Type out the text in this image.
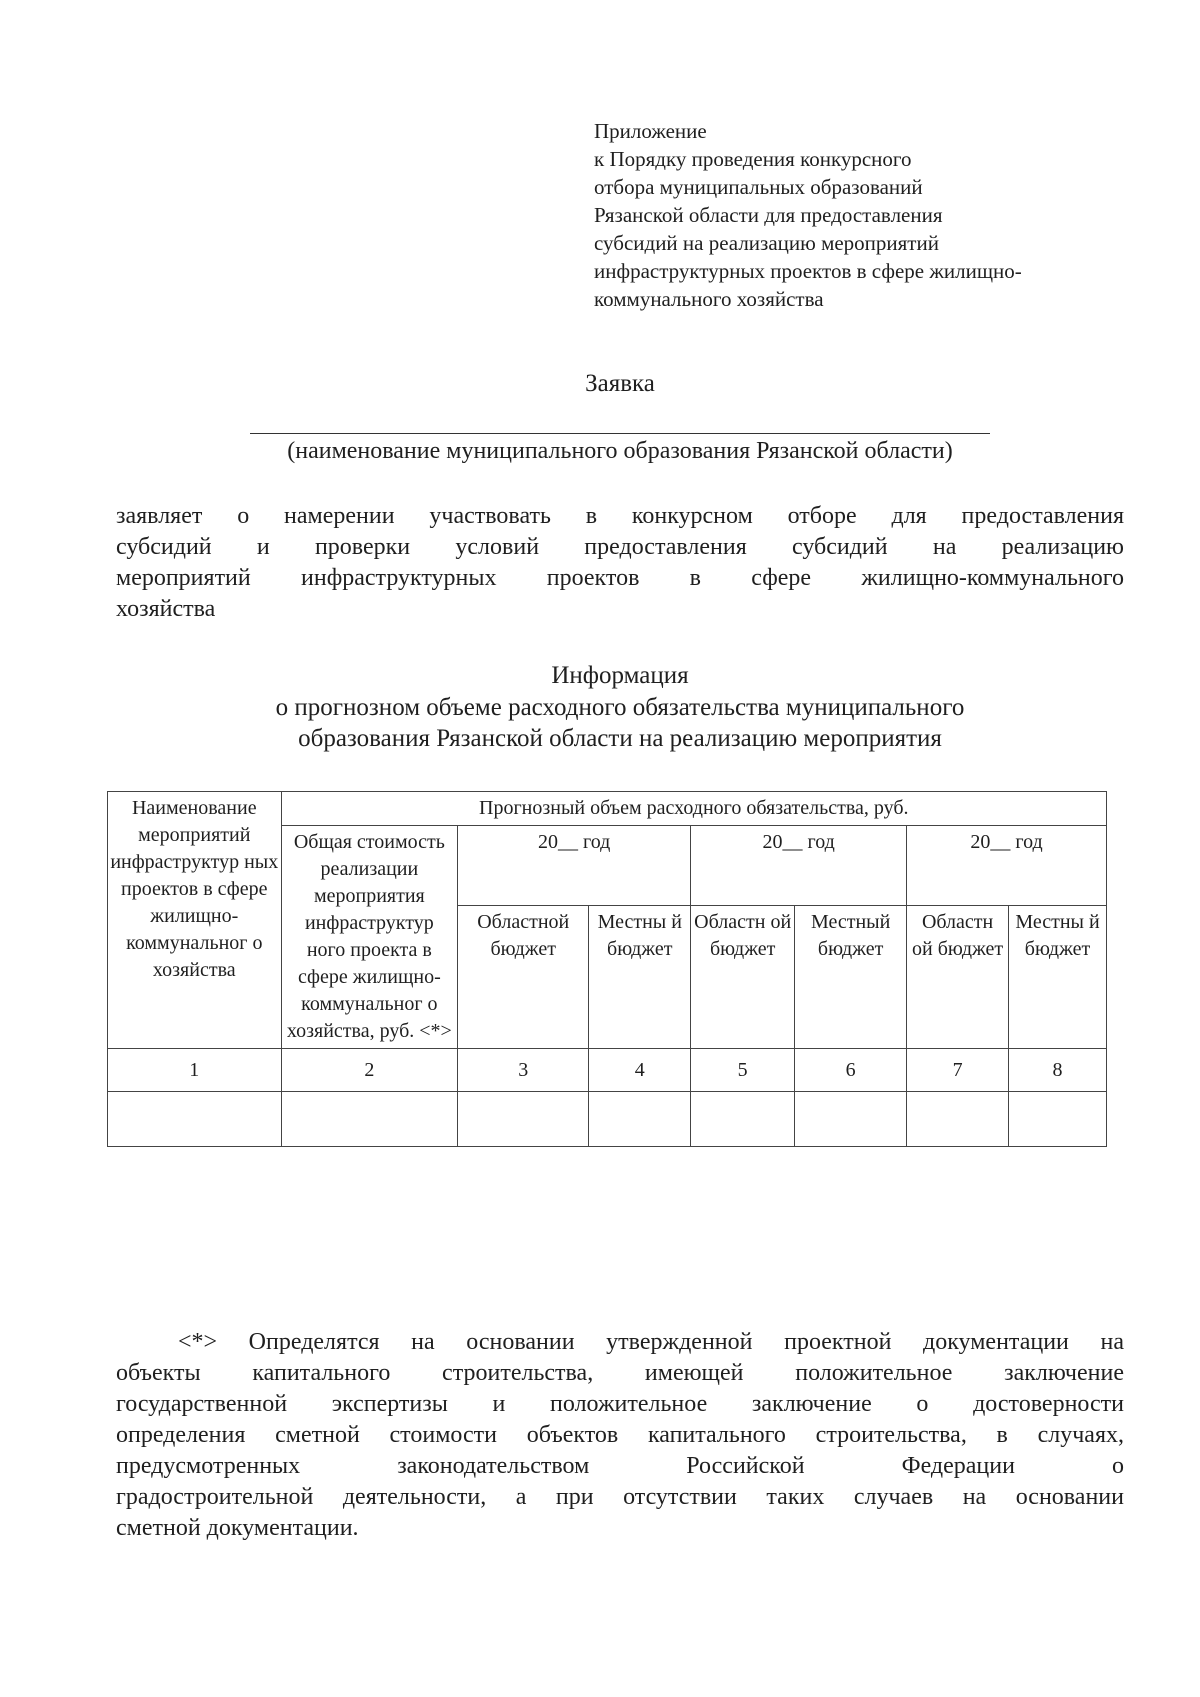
Приложение
к Порядку проведения конкурсного
отбора муниципальных образований
Рязанской области для предоставления
субсидий на реализацию мероприятий
инфраструктурных проектов в сфере жилищно-
коммунального хозяйства
Заявка
(наименование муниципального образования Рязанской области)
заявляет о намерении участвовать в конкурсном отборе для предоставления
субсидий и проверки условий предоставления субсидий на реализацию
мероприятий инфраструктурных проектов в сфере жилищно-коммунального
хозяйства
Информация
о прогнозном объеме расходного обязательства муниципального
образования Рязанской области на реализацию мероприятия
Наименование мероприятий инфраструктур ных проектов в сфере жилищно-коммунальног о хозяйства	Прогнозный объем расходного обязательства, руб.						
	Общая стоимость реализации мероприятия инфраструктур ного проекта в сфере жилищно-коммунальног о хозяйства, руб. <*>	20__ год		20__ год		20__ год	
		Областной бюджет	Местны й бюджет	Областн ой бюджет	Местный бюджет	Областн ой бюджет	Местны й бюджет
1	2	3	4	5	6	7	8

<*> Определятся на основании утвержденной проектной документации на
объекты капитального строительства, имеющей положительное заключение
государственной экспертизы и положительное заключение о достоверности
определения сметной стоимости объектов капитального строительства, в случаях,
предусмотренных законодательством Российской Федерации о
градостроительной деятельности, а при отсутствии таких случаев на основании
сметной документации.
